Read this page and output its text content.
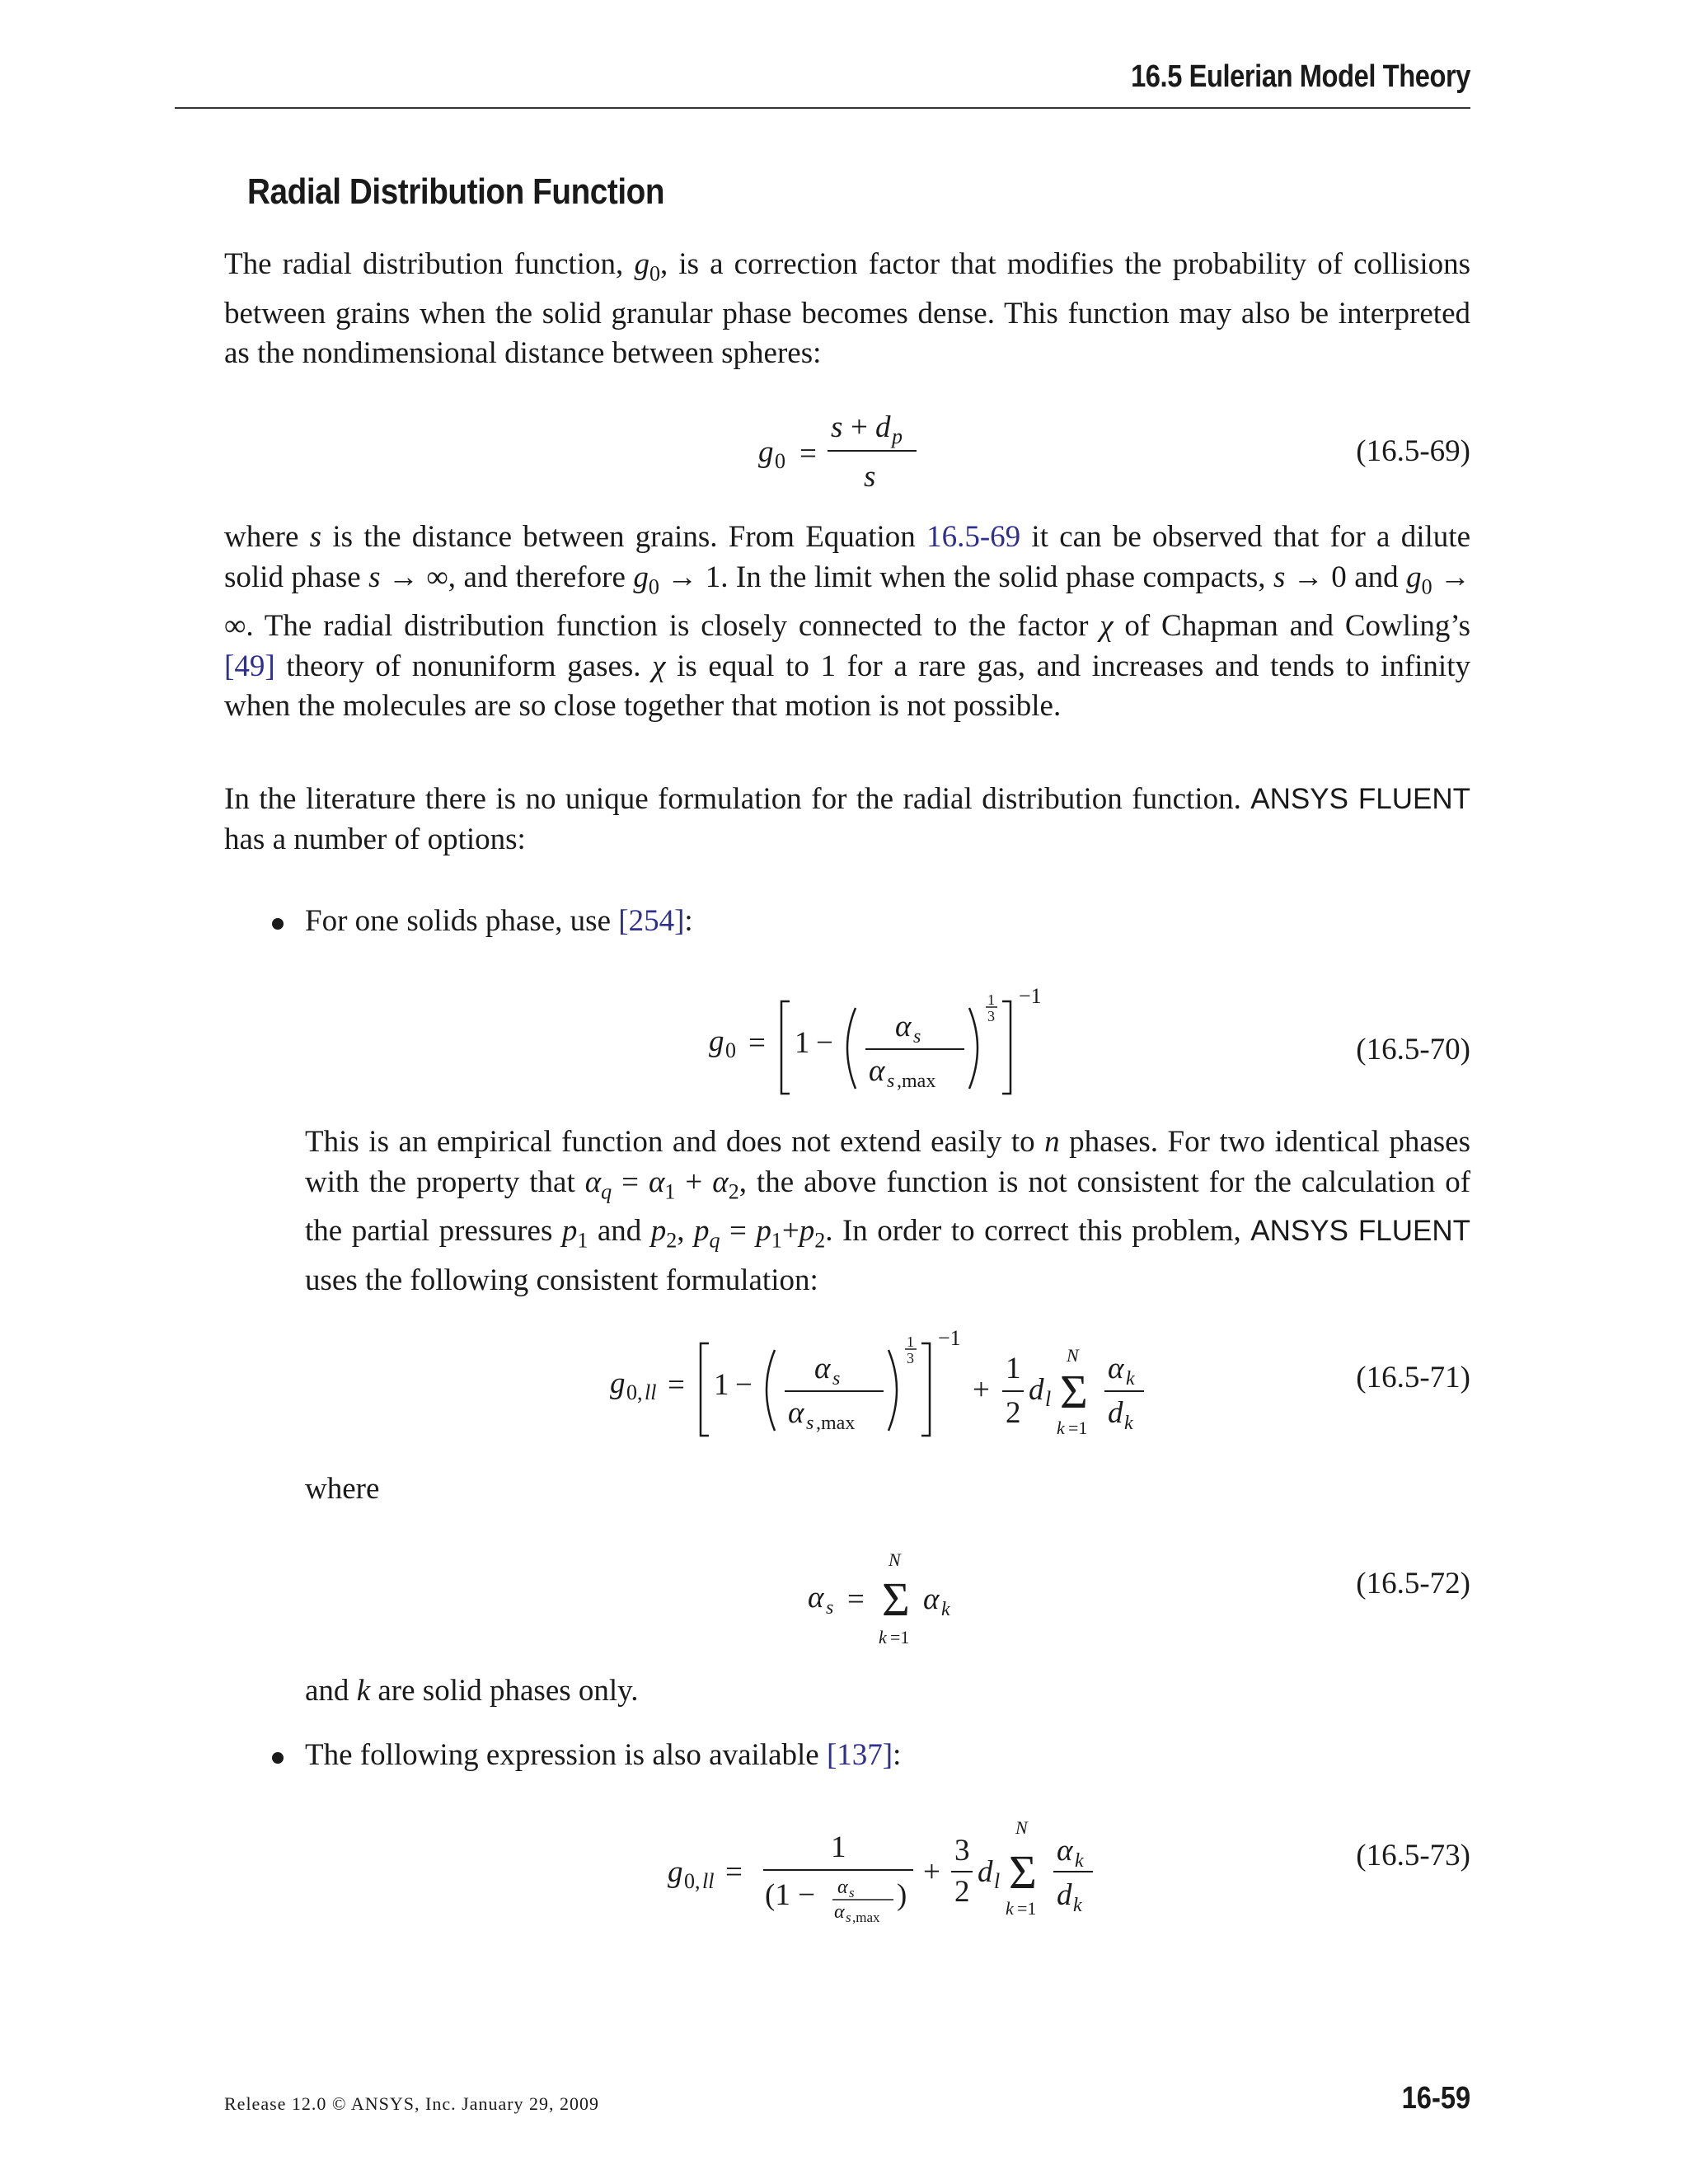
16.5 Eulerian Model Theory
Radial Distribution Function
The radial distribution function, $g_0$, is a correction factor that modifies the probability of collisions between grains when the solid granular phase becomes dense. This function may also be interpreted as the nondimensional distance between spheres:
g 0 =
s + d p
s
(16.5-69)
where s is the distance between grains. From Equation 16.5-69 it can be observed that for a dilute solid phase s → ∞, and therefore $g_0 \to 1$. In the limit when the solid phase compacts, s → 0 and $g_0$ → ∞. The radial distribution function is closely connected to the factor χ of Chapman and Cowling’s [49] theory of nonuniform gases. χ is equal to 1 for a rare gas, and increases and tends to infinity when the molecules are so close together that motion is not possible.
In the literature there is no unique formulation for the radial distribution function. ANSYS FLUENT has a number of options:
For one solids phase, use [254]:
g 0 = 1 − α s
α s ,max
1
3
−1
(16.5-70)
This is an empirical function and does not extend easily to n phases. For two identical phases with the property that $\alpha_q = \alpha_1 + \alpha_2$, the above function is not consistent for the calculation of the partial pressures $p_1$ and $p_2$, $p_q = p_1+p_2$. In order to correct this problem, ANSYS FLUENT uses the following consistent formulation:
g 0, ll = 1 − α s
α s ,max
1
3
−1
+
1
2
d l
N
Σ
k =1
α k
d k
(16.5-71)
where
α s =
N
Σ
k =1
α k
(16.5-72)
and k are solid phases only.
The following expression is also available [137]:
g 0, ll =
1
(1 − α s
α s ,max
)
+
3
2
d l
N
Σ
k =1
α k
d k
(16.5-73)
Release 12.0 © ANSYS, Inc. January 29, 2009	16-59
